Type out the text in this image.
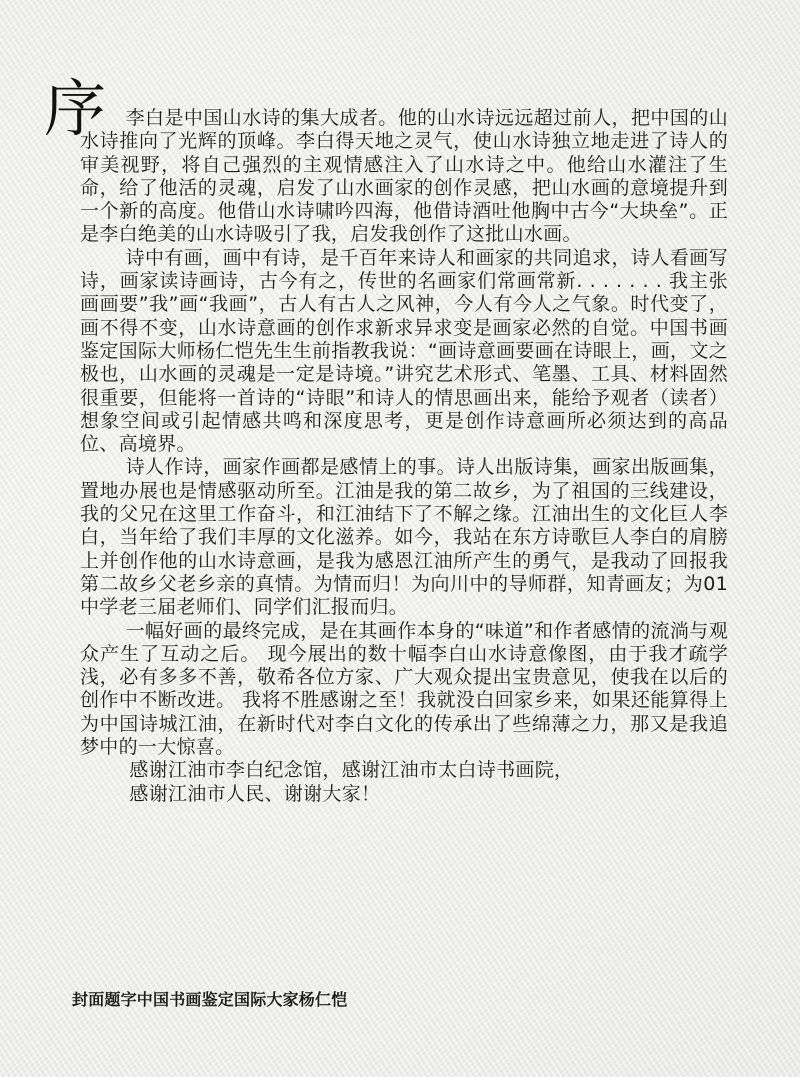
序	李白是中国山水诗的集大成者。他的山水诗远远超过前人，把中国的山水诗推向了光辉的顶峰。李白得天地之灵气，使山水诗独立地走进了诗人的审美视野，将自己强烈的主观情感注入了山水诗之中。他给山水灌注了生命，给了他活的灵魂，启发了山水画家的创作灵感，把山水画的意境提升到一个新的高度。他借山水诗啸吟四海，他借诗酒吐他胸中古今“大块垒”。正是李白绝美的山水诗吸引了我，启发我创作了这批山水画。

诗中有画，画中有诗，是千百年来诗人和画家的共同追求，诗人看画写诗，画家读诗画诗，古今有之，传世的名画家们常画常新. . . . . . . 我主张画画要”我”画“我画”，古人有古人之风神，今人有今人之气象。时代变了，画不得不变，山水诗意画的创作求新求异求变是画家必然的自觉。中国书画鉴定国际大师杨仁恺先生生前指教我说：“画诗意画要画在诗眼上，画，文之极也，山水画的灵魂是一定是诗境。”讲究艺术形式、笔墨、工具、材料固然很重要，但能将一首诗的“诗眼”和诗人的情思画出来，能给予观者（读者）想象空间或引起情感共鸣和深度思考，更是创作诗意画所必须达到的高品位、高境界。

诗人作诗，画家作画都是感情上的事。诗人出版诗集，画家出版画集，置地办展也是情感驱动所至。江油是我的第二故乡，为了祖国的三线建设，我的父兄在这里工作奋斗，和江油结下了不解之缘。江油出生的文化巨人李白，当年给了我们丰厚的文化滋养。如今，我站在东方诗歌巨人李白的肩膀上并创作他的山水诗意画，是我为感恩江油所产生的勇气，是我动了回报我第二故乡父老乡亲的真情。为情而归！为向川中的导师群，知青画友；为01中学老三届老师们、同学们汇报而归。

一幅好画的最终完成，是在其画作本身的“味道”和作者感情的流淌与观众产生了互动之后。 现今展出的数十幅李白山水诗意像图，由于我才疏学浅，必有多多不善，敬希各位方家、广大观众提出宝贵意见，使我在以后的创作中不断改进。 我将不胜感谢之至！我就没白回家乡来，如果还能算得上为中国诗城江油，在新时代对李白文化的传承出了些绵薄之力，那又是我追梦中的一大惊喜。

感谢江油市李白纪念馆，感谢江油市太白诗书画院，

感谢江油市人民、谢谢大家！

封面题字中国书画鉴定国际大家杨仁恺
